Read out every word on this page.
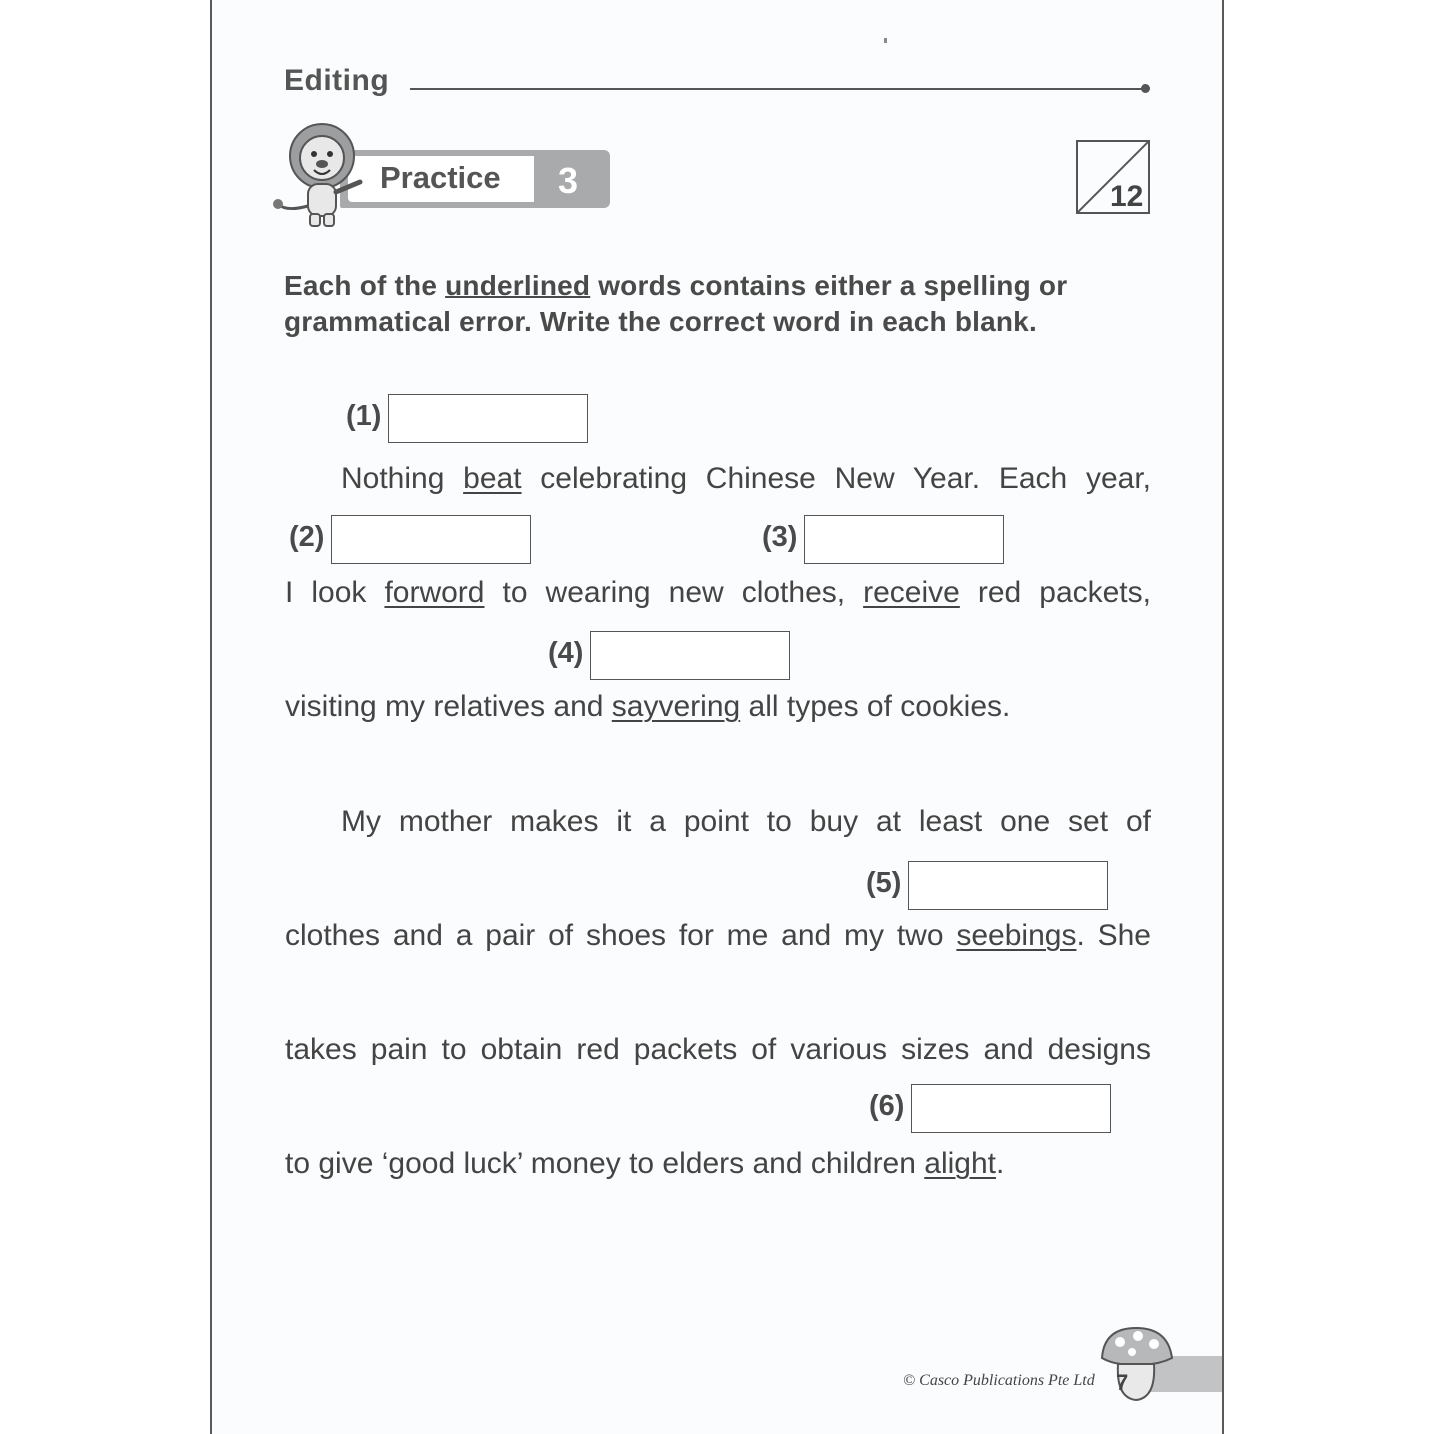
Editing
Practice 3	12
Each of the underlined words contains either a spelling or grammatical error. Write the correct word in each blank.
(1)
(2)	(3)
(4)
(5)
(6)
Nothing beat celebrating Chinese New Year. Each year,
I look forword to wearing new clothes, receive red packets,
visiting my relatives and sayvering all types of cookies.
My mother makes it a point to buy at least one set of
clothes and a pair of shoes for me and my two seebings. She
takes pain to obtain red packets of various sizes and designs
to give ‘good luck’ money to elders and children alight.
© Casco Publications Pte Ltd 7
